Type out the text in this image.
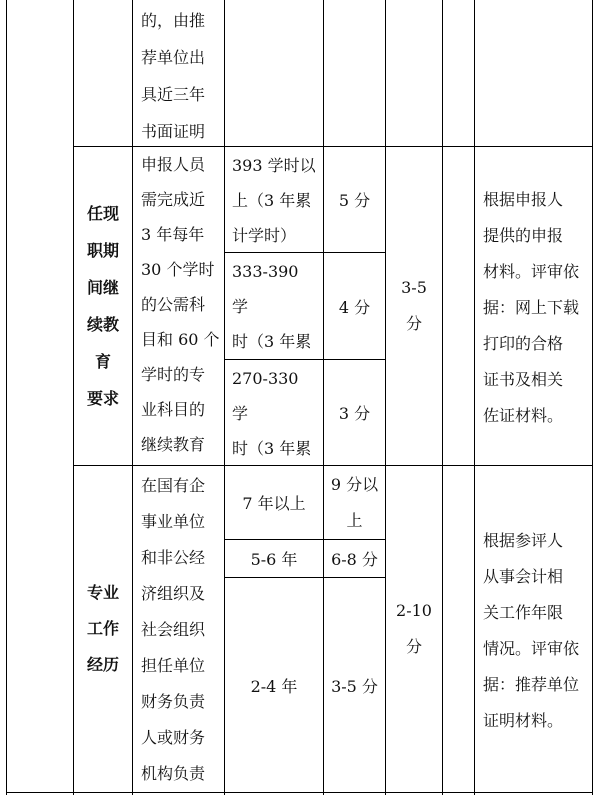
的，由推
荐单位出
具近三年
书面证明
任现
职期
间继
续教
育
要求
申报人员
需完成近
3 年每年
30 个学时
的公需科
目和 60 个
学时的专
业科目的
继续教育
393 学时以
上（3 年累
计学时）
5 分
333-390 学
时（3 年累

4 分
270-330 学
时（3 年累

3 分
3-5
分
根据申报人
提供的申报
材料。评审依
据：网上下载
打印的合格
证书及相关
佐证材料。
专业
工作
经历
在国有企
事业单位
和非公经
济组织及
社会组织
担任单位
财务负责
人或财务
机构负责
7 年以上
9 分以
上
5-6 年	6-8 分
2-4 年	3-5 分
2-10
分
根据参评人
从事会计相
关工作年限
情况。评审依
据：推荐单位
证明材料。
